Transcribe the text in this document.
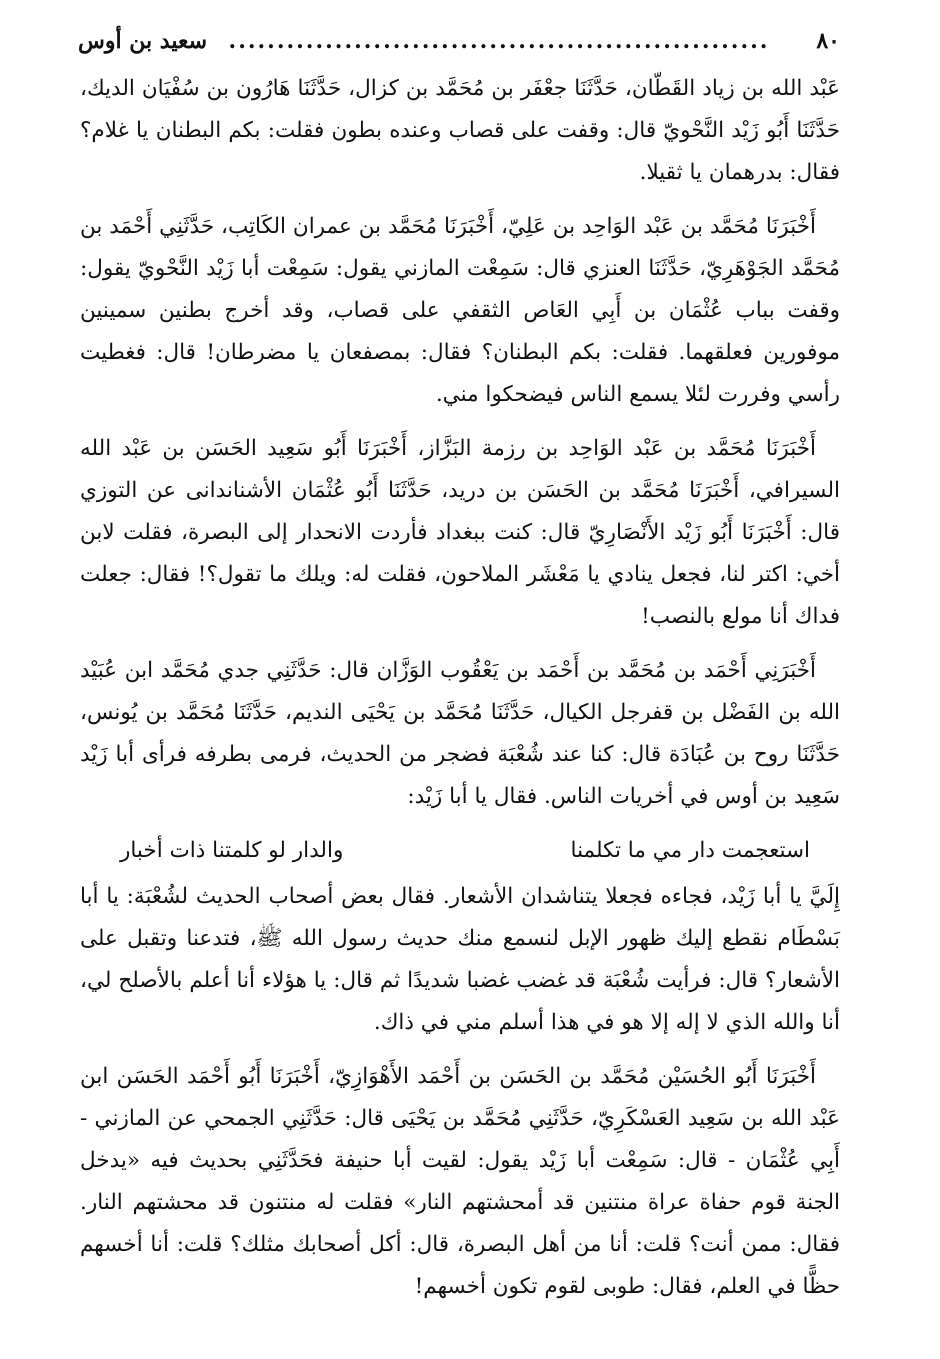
٨٠
........................................................
سعيد بن أوس

عَبْد الله بن زياد القَطّان، حَدَّثَنَا جعْفَر بن مُحَمَّد بن كزال، حَدَّثَنَا هَارُون بن سُفْيَان الديك، حَدَّثَنَا أَبُو زَيْد النَّحْويّ قال: وقفت على قصاب وعنده بطون فقلت: بكم البطنان يا غلام؟ فقال: بدرهمان يا ثقيلا.

أَخْبَرَنَا مُحَمَّد بن عَبْد الوَاحِد بن عَلِيّ، أَخْبَرَنَا مُحَمَّد بن عمران الكَاتِب، حَدَّثَنِي أَحْمَد بن مُحَمَّد الجَوْهَرِيّ، حَدَّثَنَا العنزي قال: سَمِعْت المازني يقول: سَمِعْت أبا زَيْد النَّحْويّ يقول: وقفت بباب عُثْمَان بن أَبِي العَاص الثقفي على قصاب، وقد أخرج بطنين سمينين موفورين فعلقهما. فقلت: بكم البطنان؟ فقال: بمصفعان يا مضرطان! قال: فغطيت رأسي وفررت لئلا يسمع الناس فيضحكوا مني.

أَخْبَرَنَا مُحَمَّد بن عَبْد الوَاحِد بن رزمة البَزَّاز، أَخْبَرَنَا أَبُو سَعِيد الحَسَن بن عَبْد الله السيرافي، أَخْبَرَنَا مُحَمَّد بن الحَسَن بن دريد، حَدَّثَنَا أَبُو عُثْمَان الأشناندانى عن التوزي قال: أَخْبَرَنَا أَبُو زَيْد الأَنْصَارِيّ قال: كنت ببغداد فأردت الانحدار إلى البصرة، فقلت لابن أخي: اكتر لنا، فجعل ينادي يا مَعْشَر الملاحون، فقلت له: ويلك ما تقول؟! فقال: جعلت فداك أنا مولع بالنصب!

أَخْبَرَنِي أَحْمَد بن مُحَمَّد بن أَحْمَد بن يَعْقُوب الوَزَّان قال: حَدَّثَنِي جدي مُحَمَّد ابن عُبَيْد الله بن الفَضْل بن قفرجل الكيال، حَدَّثَنَا مُحَمَّد بن يَحْيَى النديم، حَدَّثَنَا مُحَمَّد بن يُونس، حَدَّثَنَا روح بن عُبَادَة قال: كنا عند شُعْبَة فضجر من الحديث، فرمى بطرفه فرأى أبا زَيْد سَعِيد بن أوس في أخريات الناس. فقال يا أبا زَيْد:

استعجمت دار مي ما تكلمنا
والدار لو كلمتنا ذات أخبار

إِلَيَّ يا أبا زَيْد، فجاءه فجعلا يتناشدان الأشعار. فقال بعض أصحاب الحديث لشُعْبَة: يا أبا بَسْطَام نقطع إليك ظهور الإبل لنسمع منك حديث رسول الله ﷺ، فتدعنا وتقبل على الأشعار؟ قال: فرأيت شُعْبَة قد غضب غضبا شديدًا ثم قال: يا هؤلاء أنا أعلم بالأصلح لي، أنا والله الذي لا إله إلا هو في هذا أسلم مني في ذاك.

أَخْبَرَنَا أَبُو الحُسَيْن مُحَمَّد بن الحَسَن بن أَحْمَد الأَهْوَازِيّ، أَخْبَرَنَا أَبُو أَحْمَد الحَسَن ابن عَبْد الله بن سَعِيد العَسْكَرِيّ، حَدَّثَنِي مُحَمَّد بن يَحْيَى قال: حَدَّثَنِي الجمحي عن المازني - أَبِي عُثْمَان - قال: سَمِعْت أبا زَيْد يقول: لقيت أبا حنيفة فحَدَّثَنِي بحديث فيه «يدخل الجنة قوم حفاة عراة منتنين قد أمحشتهم النار» فقلت له منتنون قد محشتهم النار. فقال: ممن أنت؟ قلت: أنا من أهل البصرة، قال: أكل أصحابك مثلك؟ قلت: أنا أخسهم حظًّا في العلم، فقال: طوبى لقوم تكون أخسهم!
